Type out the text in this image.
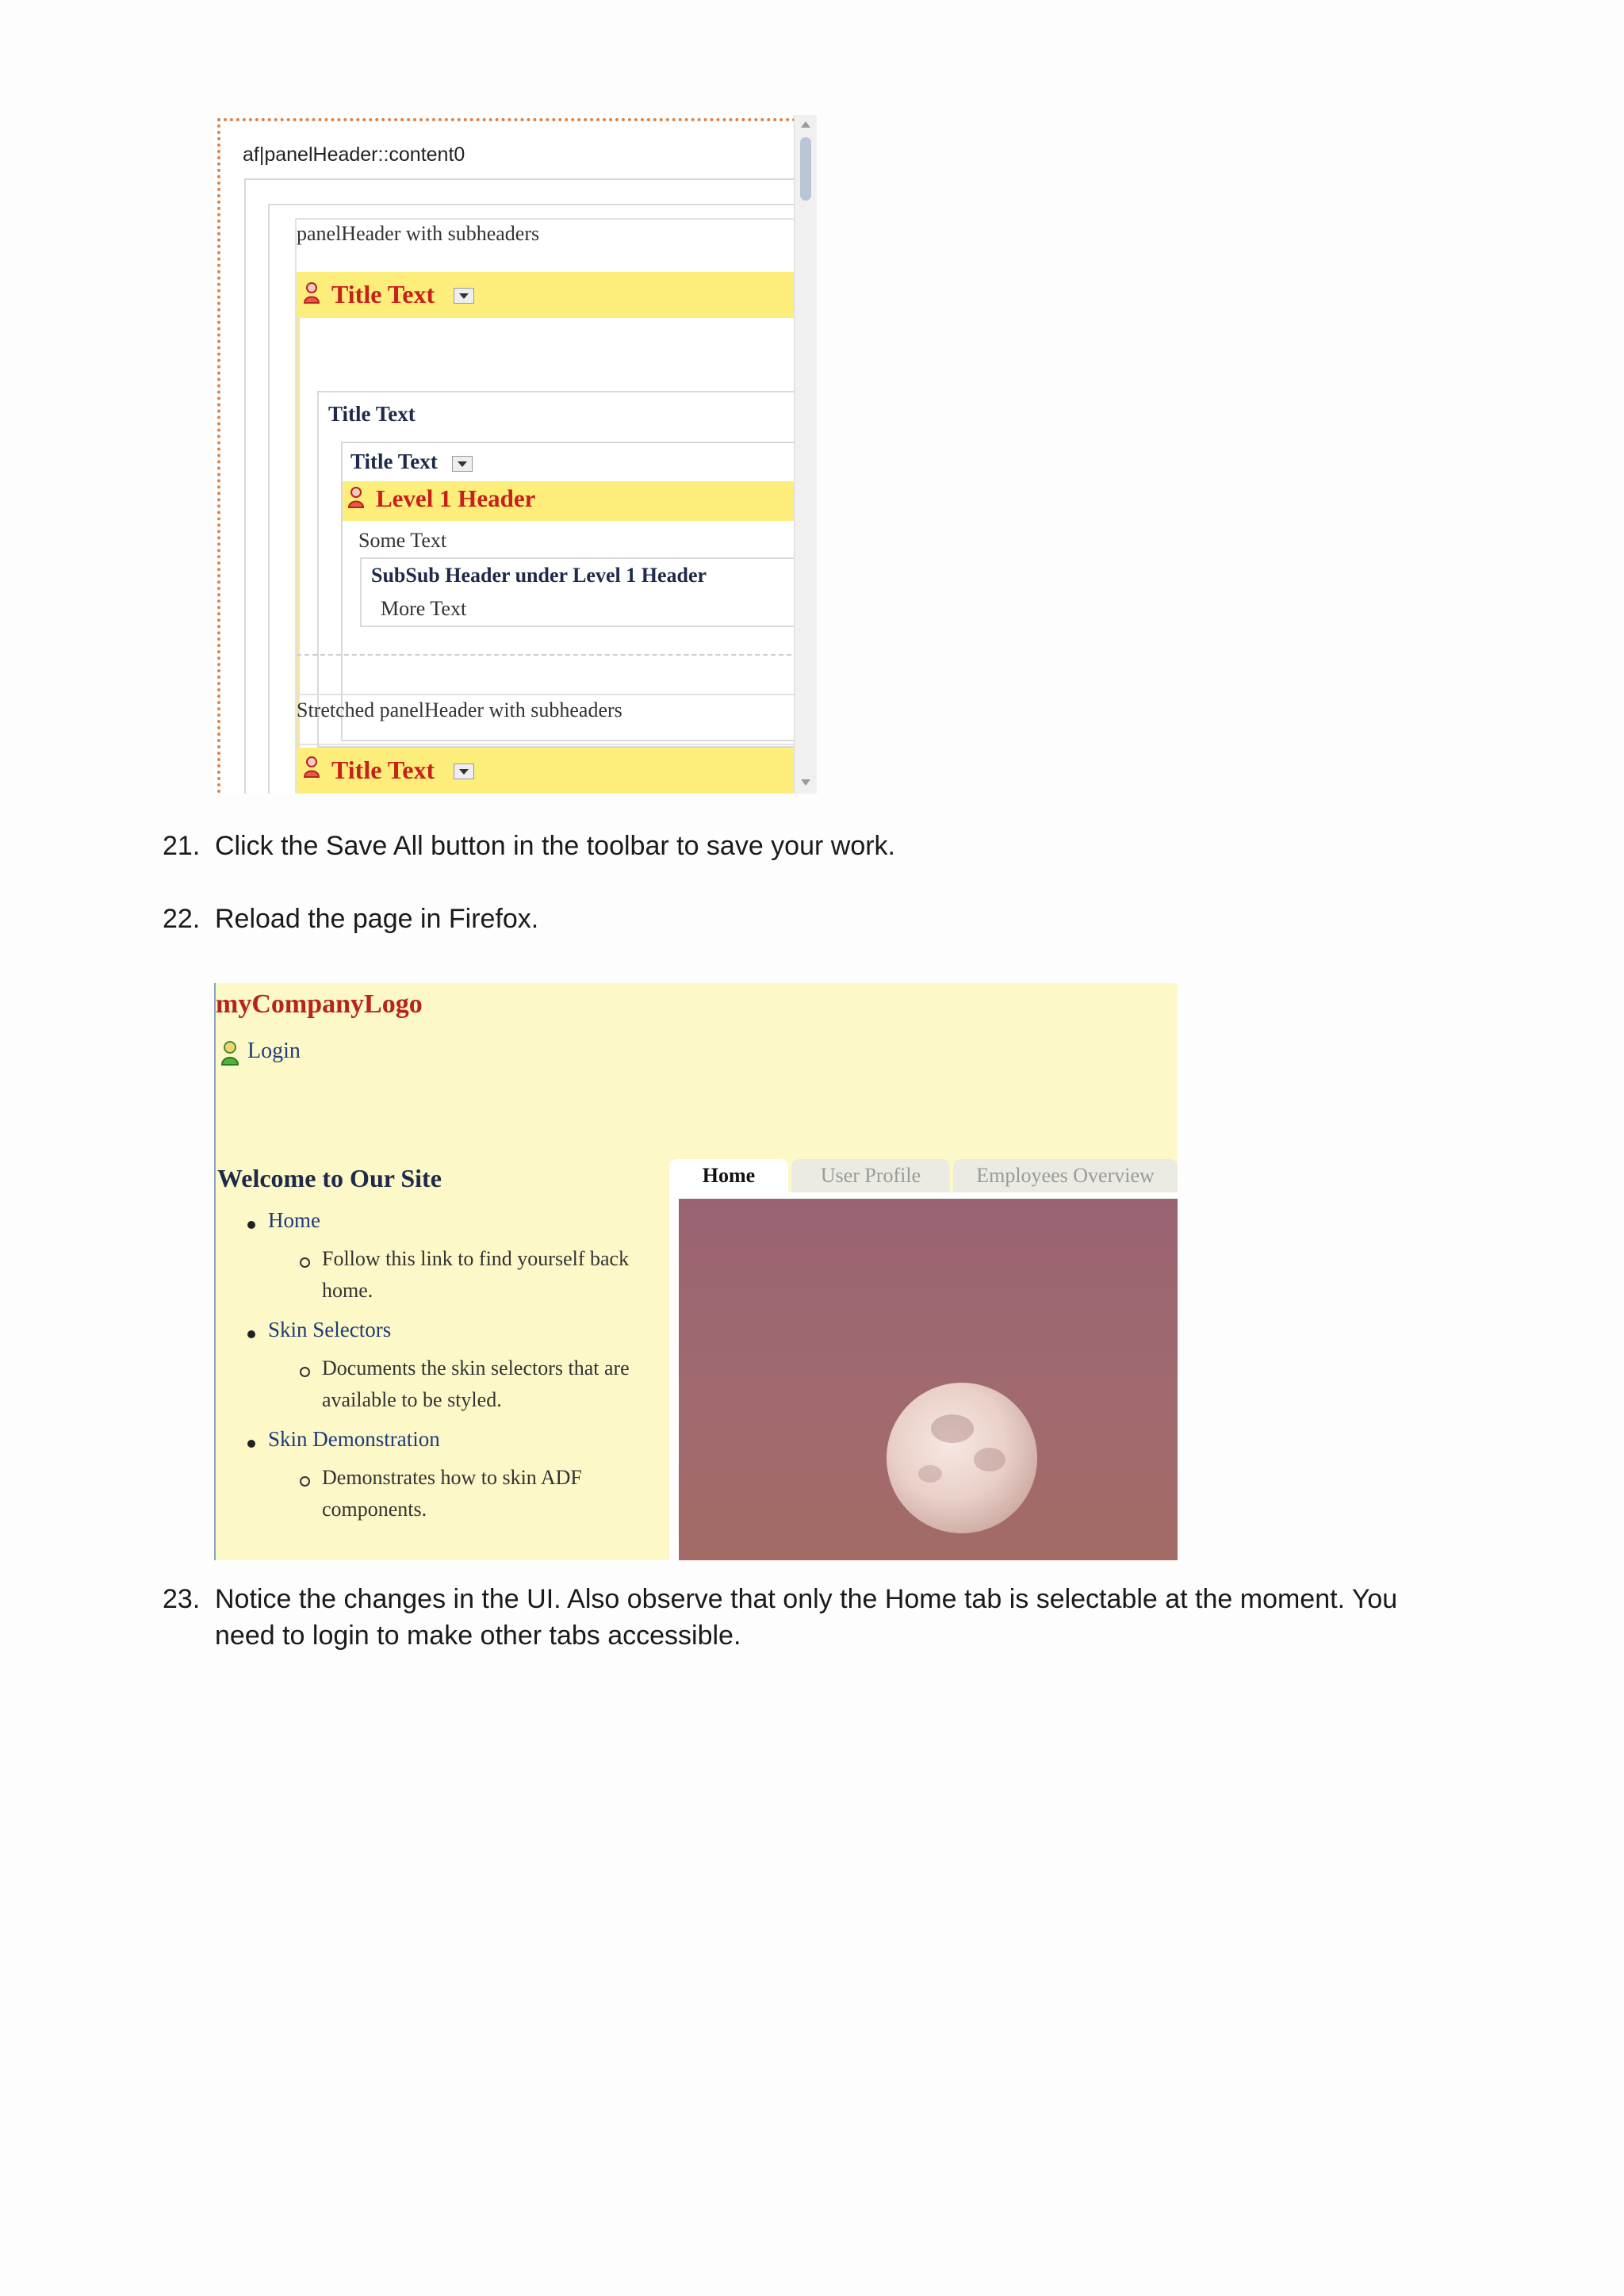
af|panelHeader::content0
panelHeader with subheaders
Title Text
Title Text
Title Text
Level 1 Header
Some Text
SubSub Header under Level 1 Header
More Text
Stretched panelHeader with subheaders
Title Text
21. Click the Save All button in the toolbar to save your work.
22. Reload the page in Firefox.
myCompanyLogo
Login
Welcome to Our Site
Home
Follow this link to find yourself back
home.
Skin Selectors
Documents the skin selectors that are
available to be styled.
Skin Demonstration
Demonstrates how to skin ADF
components.
Home	User Profile	Employees Overview
23. Notice the changes in the UI. Also observe that only the Home tab is selectable at the moment. You
need to login to make other tabs accessible.
